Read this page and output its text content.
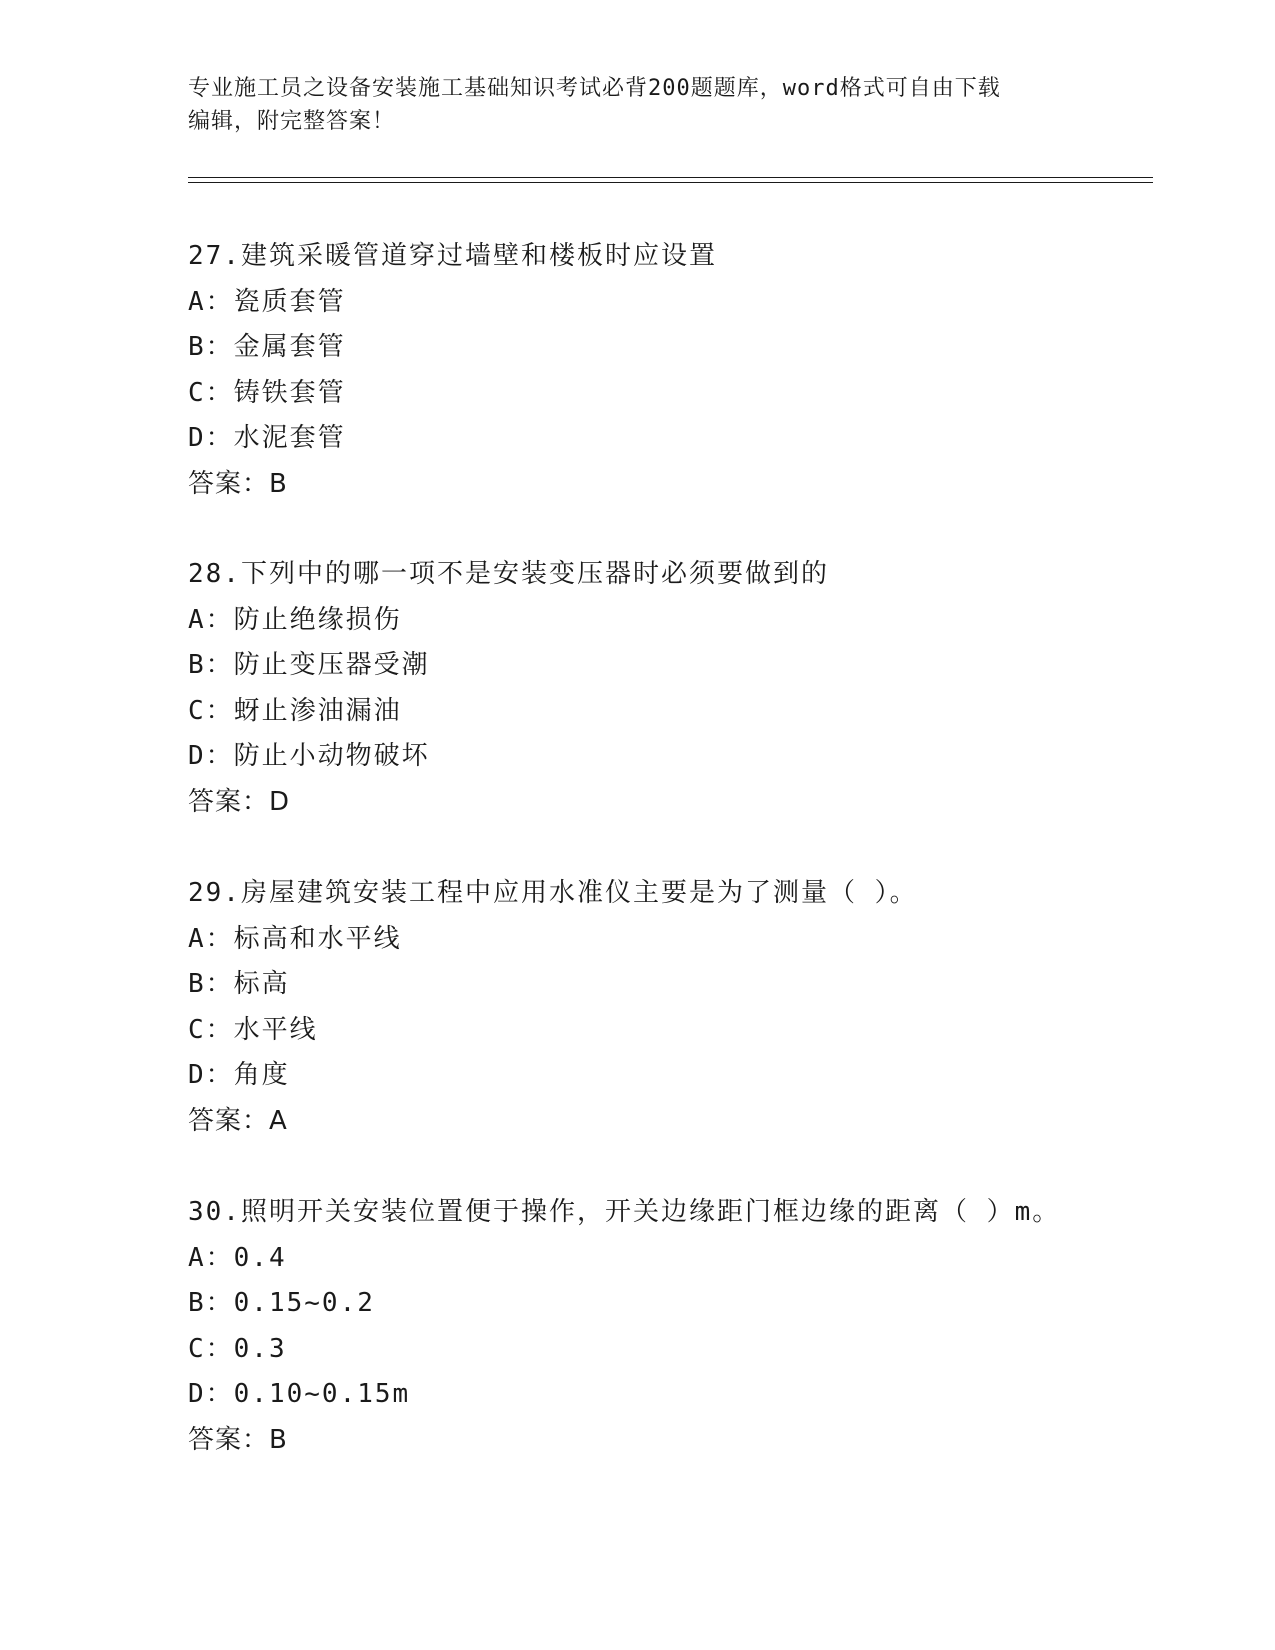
专业施工员之设备安装施工基础知识考试必背200题题库，word格式可自由下载
编辑，附完整答案！
27.建筑采暖管道穿过墙壁和楼板时应设置
A：瓷质套管
B：金属套管
C：铸铁套管
D：水泥套管
答案：B
28.下列中的哪一项不是安装变压器时必须要做到的
A：防止绝缘损伤
B：防止变压器受潮
C：蚜止渗油漏油
D：防止小动物破坏
答案：D
29.房屋建筑安装工程中应用水准仪主要是为了测量（ ）。
A：标高和水平线
B：标高
C：水平线
D：角度
答案：A
30.照明开关安装位置便于操作，开关边缘距门框边缘的距离（ ）m。
A：0.4
B：0.15~0.2
C：0.3
D：0.10~0.15m
答案：B
